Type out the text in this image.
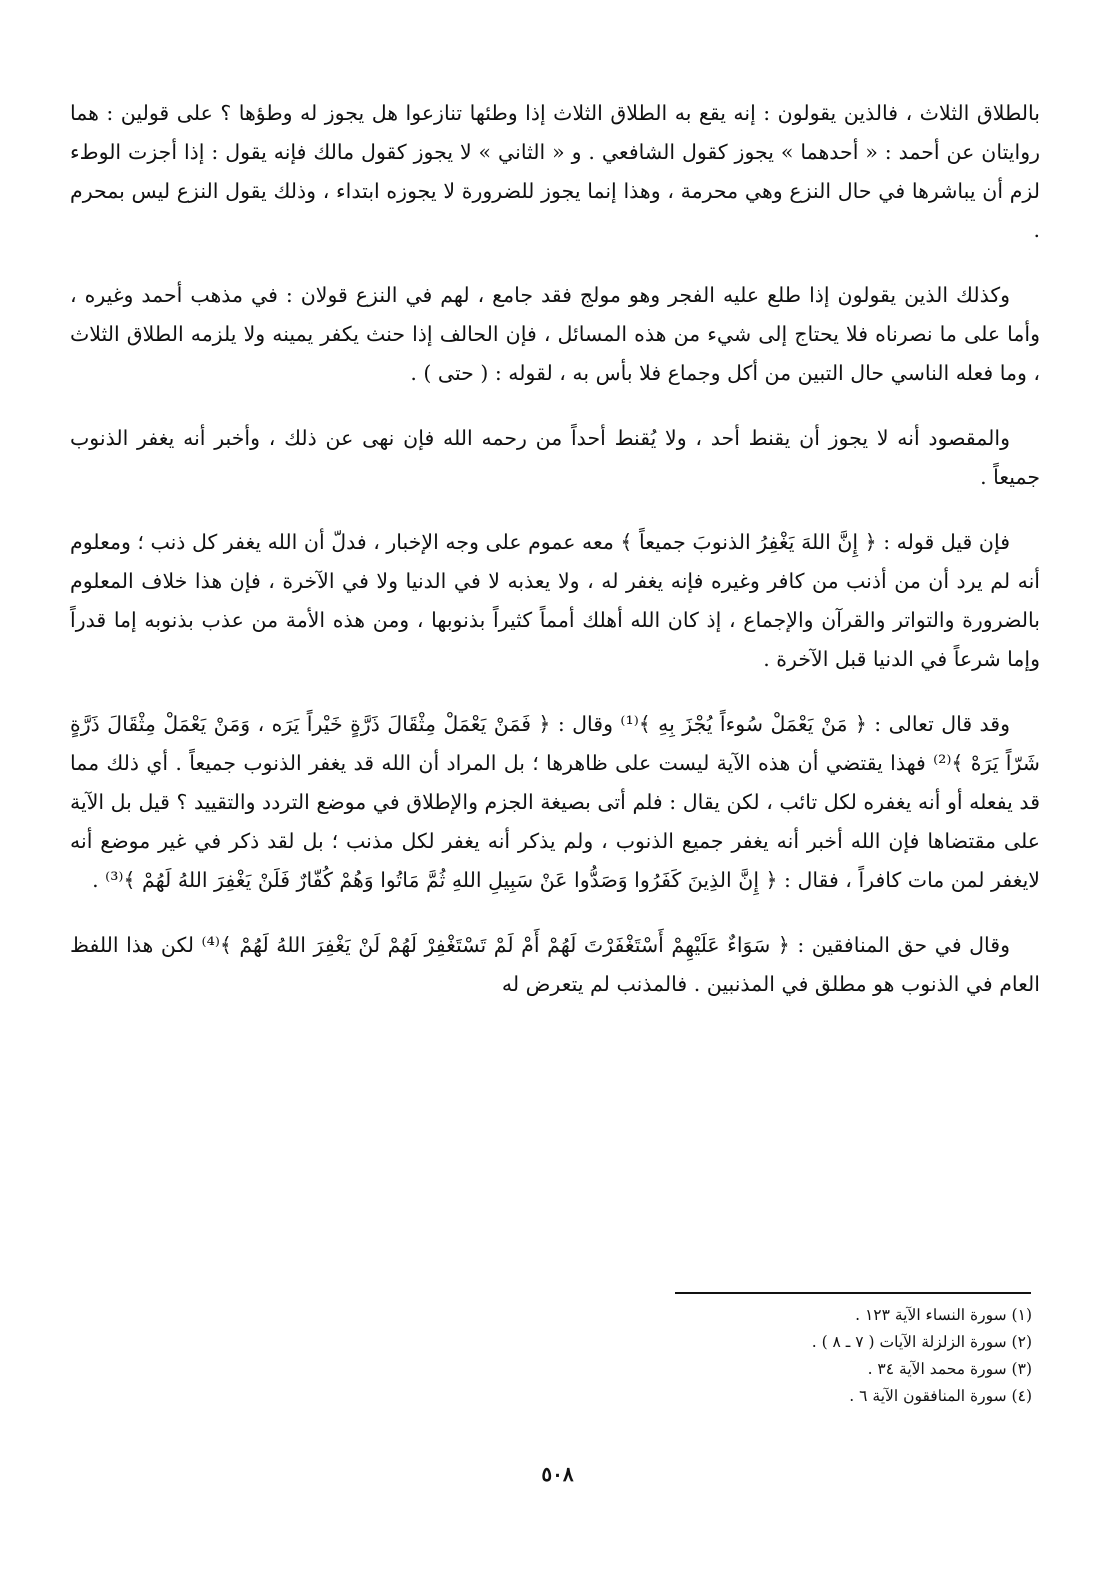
بالطلاق الثلاث ، فالذين يقولون : إنه يقع به الطلاق الثلاث إذا وطئها تنازعوا هل يجوز له وطؤها ؟ على قولين : هما روايتان عن أحمد : « أحدهما » يجوز كقول الشافعي . و « الثاني » لا يجوز كقول مالك فإنه يقول : إذا أجزت الوطء لزم أن يباشرها في حال النزع وهي محرمة ، وهذا إنما يجوز للضرورة لا يجوزه ابتداء ، وذلك يقول النزع ليس بمحرم .

وكذلك الذين يقولون إذا طلع عليه الفجر وهو مولج فقد جامع ، لهم في النزع قولان : في مذهب أحمد وغيره ، وأما على ما نصرناه فلا يحتاج إلى شيء من هذه المسائل ، فإن الحالف إذا حنث يكفر يمينه ولا يلزمه الطلاق الثلاث ، وما فعله الناسي حال التبين من أكل وجماع فلا بأس به ، لقوله : ( حتى ) .

والمقصود أنه لا يجوز أن يقنط أحد ، ولا يُقنط أحداً من رحمه الله فإن نهى عن ذلك ، وأخبر أنه يغفر الذنوب جميعاً .

فإن قيل قوله : ﴿ إِنَّ اللهَ يَغْفِرُ الذنوبَ جميعاً ﴾ معه عموم على وجه الإخبار ، فدلّ أن الله يغفر كل ذنب ؛ ومعلوم أنه لم يرد أن من أذنب من كافر وغيره فإنه يغفر له ، ولا يعذبه لا في الدنيا ولا في الآخرة ، فإن هذا خلاف المعلوم بالضرورة والتواتر والقرآن والإجماع ، إذ كان الله أهلك أمماً كثيراً بذنوبها ، ومن هذه الأمة من عذب بذنوبه إما قدراً وإما شرعاً في الدنيا قبل الآخرة .

وقد قال تعالى : ﴿ مَنْ يَعْمَلْ سُوءاً يُجْزَ بِهِ ﴾⁽¹⁾ وقال : ﴿ فَمَنْ يَعْمَلْ مِثْقَالَ ذَرَّةٍ خَيْراً يَرَه ، وَمَنْ يَعْمَلْ مِثْقَالَ ذَرَّةٍ شَرّاً يَرَهْ ﴾⁽²⁾ فهذا يقتضي أن هذه الآية ليست على ظاهرها ؛ بل المراد أن الله قد يغفر الذنوب جميعاً . أي ذلك مما قد يفعله أو أنه يغفره لكل تائب ، لكن يقال : فلم أتى بصيغة الجزم والإطلاق في موضع التردد والتقييد ؟ قيل بل الآية على مقتضاها فإن الله أخبر أنه يغفر جميع الذنوب ، ولم يذكر أنه يغفر لكل مذنب ؛ بل لقد ذكر في غير موضع أنه لايغفر لمن مات كافراً ، فقال : ﴿ إِنَّ الذِينَ كَفَرُوا وَصَدُّوا عَنْ سَبِيلِ اللهِ ثُمَّ مَاتُوا وَهُمْ كُفّارٌ فَلَنْ يَغْفِرَ اللهُ لَهُمْ ﴾⁽³⁾ .

وقال في حق المنافقين : ﴿ سَوَاءٌ عَلَيْهِمْ أَسْتَغْفَرْتَ لَهُمْ أَمْ لَمْ تَسْتَغْفِرْ لَهُمْ لَنْ يَغْفِرَ اللهُ لَهُمْ ﴾⁽⁴⁾ لكن هذا اللفظ العام في الذنوب هو مطلق في المذنبين . فالمذنب لم يتعرض له

(١) سورة النساء الآية ١٢٣ .

(٢) سورة الزلزلة الآيات ( ٧ ـ ٨ ) .

(٣) سورة محمد الآية ٣٤ .

(٤) سورة المنافقون الآية ٦ .

٥٠٨
